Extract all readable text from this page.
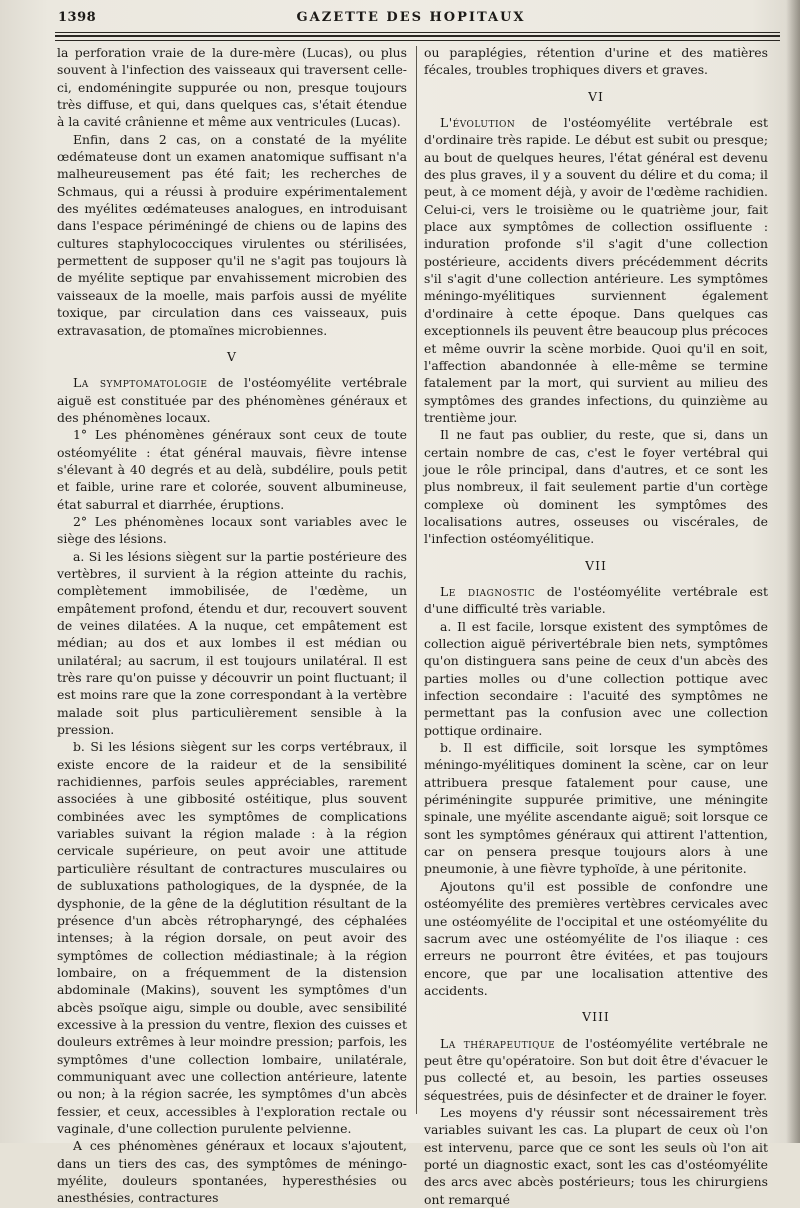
1398	GAZETTE DES HOPITAUX

la perforation vraie de la dure-mère (Lucas), ou plus souvent à l'infection des vaisseaux qui traversent celle-ci, endoméningite suppurée ou non, presque toujours très diffuse, et qui, dans quelques cas, s'était étendue à la cavité crânienne et même aux ventricules (Lucas).

Enfin, dans 2 cas, on a constaté de la myélite œdémateuse dont un examen anatomique suffisant n'a malheureusement pas été fait; les recherches de Schmaus, qui a réussi à produire expérimentalement des myélites œdémateuses analogues, en introduisant dans l'espace périméningé de chiens ou de lapins des cultures staphylococciques virulentes ou stérilisées, permettent de supposer qu'il ne s'agit pas toujours là de myélite septique par envahissement microbien des vaisseaux de la moelle, mais parfois aussi de myélite toxique, par circulation dans ces vaisseaux, puis extravasation, de ptomaïnes microbiennes.

V

La symptomatologie de l'ostéomyélite vertébrale aiguë est constituée par des phénomènes généraux et des phénomènes locaux.

1° Les phénomènes généraux sont ceux de toute ostéomyélite : état général mauvais, fièvre intense s'élevant à 40 degrés et au delà, subdélire, pouls petit et faible, urine rare et colorée, souvent albumineuse, état saburral et diarrhée, éruptions.

2° Les phénomènes locaux sont variables avec le siège des lésions.

a. Si les lésions siègent sur la partie postérieure des vertèbres, il survient à la région atteinte du rachis, complètement immobilisée, de l'œdème, un empâtement profond, étendu et dur, recouvert souvent de veines dilatées. A la nuque, cet empâtement est médian; au dos et aux lombes il est médian ou unilatéral; au sacrum, il est toujours unilatéral. Il est très rare qu'on puisse y découvrir un point fluctuant; il est moins rare que la zone correspondant à la vertèbre malade soit plus particulièrement sensible à la pression.

b. Si les lésions siègent sur les corps vertébraux, il existe encore de la raideur et de la sensibilité rachidiennes, parfois seules appréciables, rarement associées à une gibbosité ostéitique, plus souvent combinées avec les symptômes de complications variables suivant la région malade : à la région cervicale supérieure, on peut avoir une attitude particulière résultant de contractures musculaires ou de subluxations pathologiques, de la dyspnée, de la dysphonie, de la gêne de la déglutition résultant de la présence d'un abcès rétropharyngé, des céphalées intenses; à la région dorsale, on peut avoir des symptômes de collection médiastinale; à la région lombaire, on a fréquemment de la distension abdominale (Makins), souvent les symptômes d'un abcès psoïque aigu, simple ou double, avec sensibilité excessive à la pression du ventre, flexion des cuisses et douleurs extrêmes à leur moindre pression; parfois, les symptômes d'une collection lombaire, unilatérale, communiquant avec une collection antérieure, latente ou non; à la région sacrée, les symptômes d'un abcès fessier, et ceux, accessibles à l'exploration rectale ou vaginale, d'une collection purulente pelvienne.

A ces phénomènes généraux et locaux s'ajoutent, dans un tiers des cas, des symptômes de méningo-myélite, douleurs spontanées, hyperesthésies ou anesthésies, contractures

ou paraplégies, rétention d'urine et des matières fécales, troubles trophiques divers et graves.

VI

L'évolution de l'ostéomyélite vertébrale est d'ordinaire très rapide. Le début est subit ou presque; au bout de quelques heures, l'état général est devenu des plus graves, il y a souvent du délire et du coma; il peut, à ce moment déjà, y avoir de l'œdème rachidien. Celui-ci, vers le troisième ou le quatrième jour, fait place aux symptômes de collection ossifluente : induration profonde s'il s'agit d'une collection postérieure, accidents divers précédemment décrits s'il s'agit d'une collection antérieure. Les symptômes méningo-myélitiques surviennent également d'ordinaire à cette époque. Dans quelques cas exceptionnels ils peuvent être beaucoup plus précoces et même ouvrir la scène morbide. Quoi qu'il en soit, l'affection abandonnée à elle-même se termine fatalement par la mort, qui survient au milieu des symptômes des grandes infections, du quinzième au trentième jour.

Il ne faut pas oublier, du reste, que si, dans un certain nombre de cas, c'est le foyer vertébral qui joue le rôle principal, dans d'autres, et ce sont les plus nombreux, il fait seulement partie d'un cortège complexe où dominent les symptômes des localisations autres, osseuses ou viscérales, de l'infection ostéomyélitique.

VII

Le diagnostic de l'ostéomyélite vertébrale est d'une difficulté très variable.

a. Il est facile, lorsque existent des symptômes de collection aiguë périvertébrale bien nets, symptômes qu'on distinguera sans peine de ceux d'un abcès des parties molles ou d'une collection pottique avec infection secondaire : l'acuité des symptômes ne permettant pas la confusion avec une collection pottique ordinaire.

b. Il est difficile, soit lorsque les symptômes méningo-myélitiques dominent la scène, car on leur attribuera presque fatalement pour cause, une périméningite suppurée primitive, une méningite spinale, une myélite ascendante aiguë; soit lorsque ce sont les symptômes généraux qui attirent l'attention, car on pensera presque toujours alors à une pneumonie, à une fièvre typhoïde, à une péritonite.

Ajoutons qu'il est possible de confondre une ostéomyélite des premières vertèbres cervicales avec une ostéomyélite de l'occipital et une ostéomyélite du sacrum avec une ostéomyélite de l'os iliaque : ces erreurs ne pourront être évitées, et pas toujours encore, que par une localisation attentive des accidents.

VIII

La thérapeutique de l'ostéomyélite vertébrale ne peut être qu'opératoire. Son but doit être d'évacuer le pus collecté et, au besoin, les parties osseuses séquestrées, puis de désinfecter et de drainer le foyer.

Les moyens d'y réussir sont nécessairement très variables suivant les cas. La plupart de ceux où l'on est intervenu, parce que ce sont les seuls où l'on ait porté un diagnostic exact, sont les cas d'ostéomyélite des arcs avec abcès postérieurs; tous les chirurgiens ont remarqué
